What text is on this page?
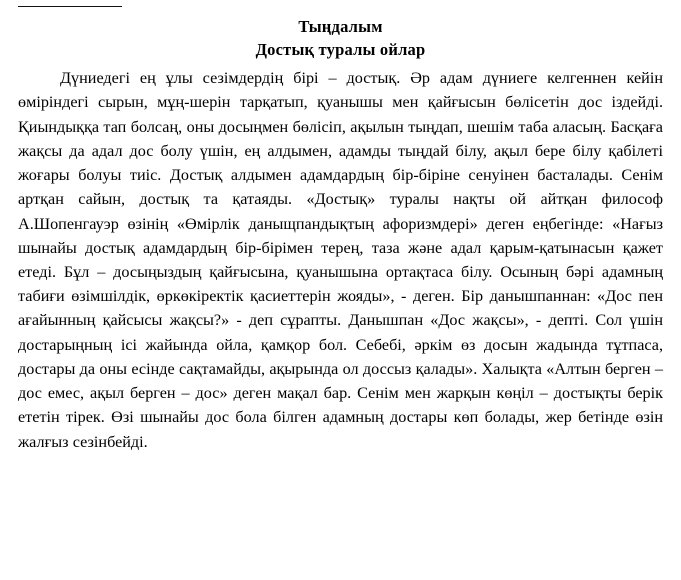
Тыңдалым
Достық туралы ойлар

Дүниедегі ең ұлы сезімдердің бірі – достық. Әр адам дүниеге келгеннен кейін өміріндегі сырын, мұң-шерін тарқатып, қуанышы мен қайғысын бөлісетін дос іздейді. Қиындыққа тап болсаң, оны досыңмен бөлісіп, ақылын тыңдап, шешім таба аласың. Басқаға жақсы да адал дос болу үшін, ең алдымен, адамды тыңдай білу, ақыл бере білу қабілеті жоғары болуы тиіс. Достық алдымен адамдардың бір-біріне сенуінен басталады. Сенім артқан сайын, достық та қатаяды. «Достық» туралы нақты ой айтқан философ А.Шопенгауэр өзінің «Өмірлік даныщпандықтың афоризмдері» деген еңбегінде: «Нағыз шынайы достық адамдардың бір-бірімен терең, таза және адал қарым-қатынасын қажет етеді. Бұл – досыңыздың қайғысына, қуанышына ортақтаса білу. Осының бәрі адамның табиғи өзімшілдік, өркөкіректік қасиеттерін жояды», - деген. Бір данышпаннан: «Дос пен ағайынның қайсысы жақсы?» - деп сұрапты. Данышпан «Дос жақсы», - депті. Сол үшін достарыңның ісі жайында ойла, қамқор бол. Себебі, әркім өз досын жадында тұтпаса, достары да оны есінде сақтамайды, ақырында ол доссыз қалады». Халықта «Алтын берген – дос емес, ақыл берген – дос» деген мақал бар. Сенім мен жарқын көңіл – достықты берік ететін тірек. Өзі шынайы дос бола білген адамның достары көп болады, жер бетінде өзін жалғыз сезінбейді.
